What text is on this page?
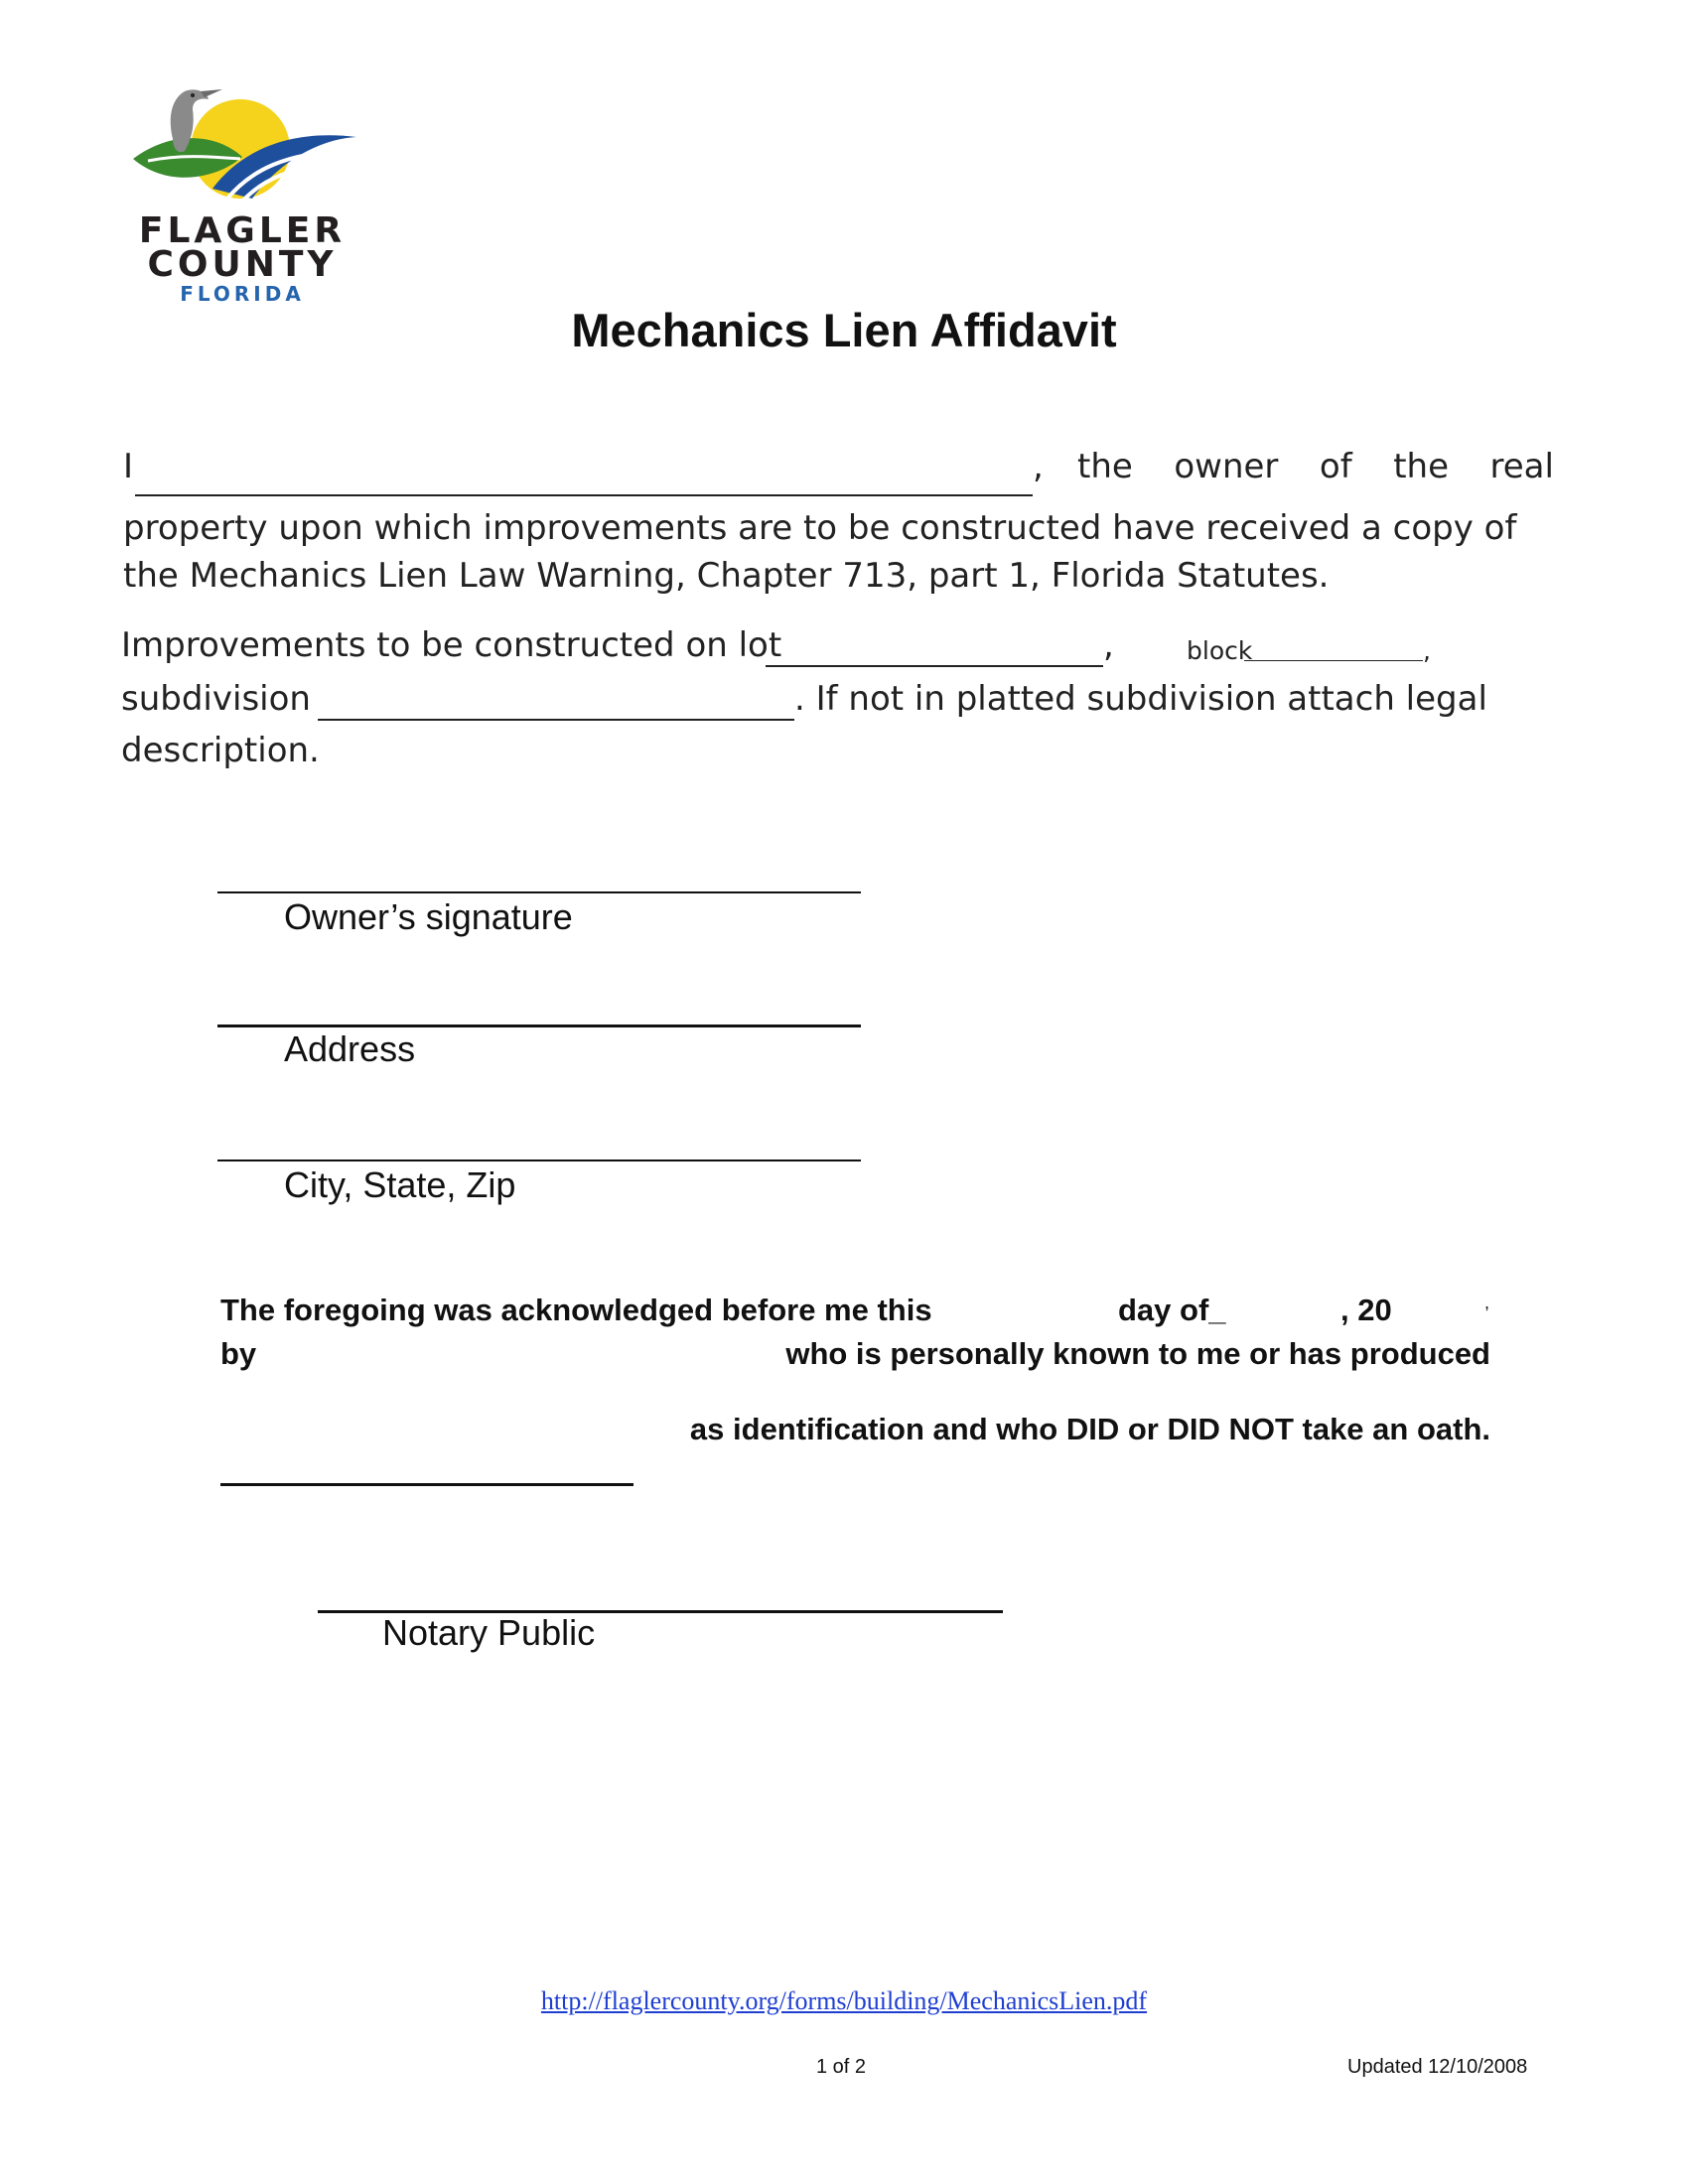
FLAGLER
COUNTY
FLORIDA
Mechanics Lien Affidavit
I	, the owner of the real
property upon which improvements are to be constructed have received a copy of
the Mechanics Lien Law Warning, Chapter 713, part 1, Florida Statutes.
Improvements to be constructed on lot	,	block	,
subdivision	. If not in platted subdivision attach legal
description.
Owner’s signature
Address
City, State, Zip
The foregoing was acknowledged before me this	day of_	, 20	,
by	who is personally known to me or has produced
as identification and who DID or DID NOT take an oath.
Notary Public
http://flaglercounty.org/forms/building/MechanicsLien.pdf
1 of 2	Updated 12/10/2008
